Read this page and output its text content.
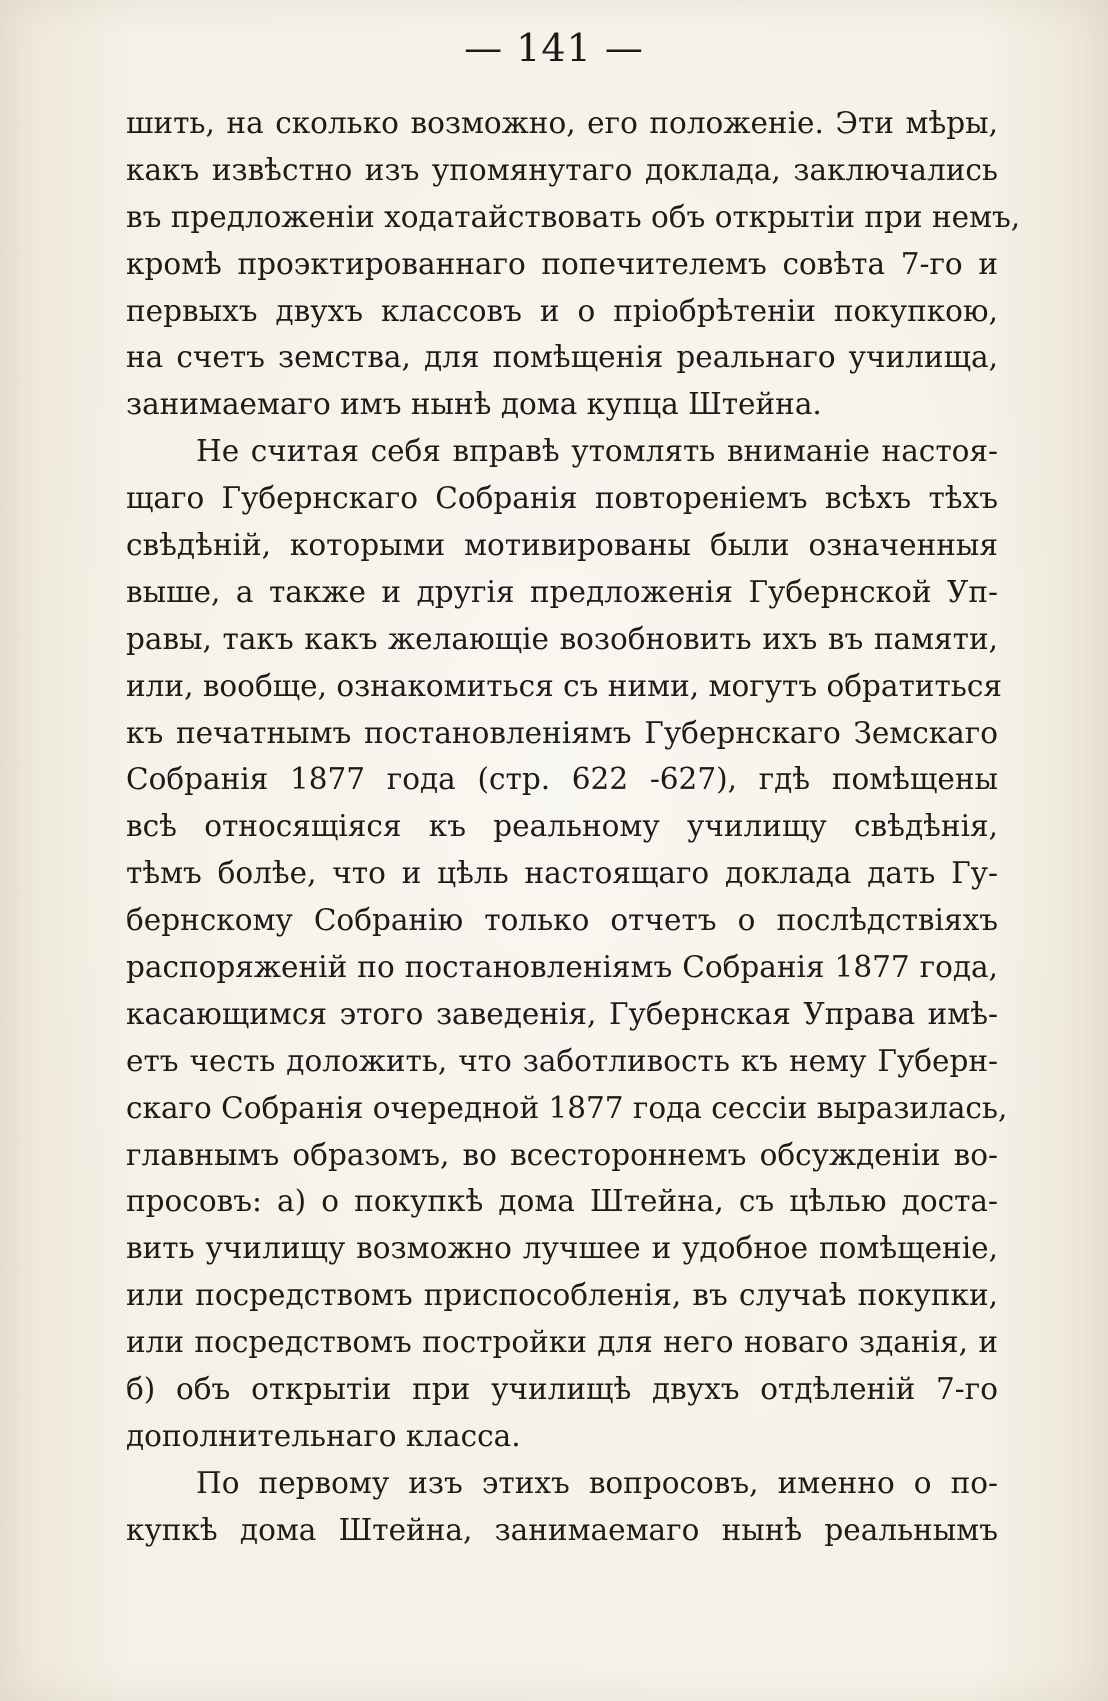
— 141 —
шить, на сколько возможно, его положеніе. Эти мѣры,
какъ извѣстно изъ упомянутаго доклада, заключались
въ предложеніи ходатайствовать объ открытіи при немъ,
кромѣ проэктированнаго попечителемъ совѣта 7-го и
первыхъ двухъ классовъ и о пріобрѣтеніи покупкою,
на счетъ земства, для помѣщенія реальнаго училища,
занимаемаго имъ нынѣ дома купца Штейна.
Не считая себя вправѣ утомлять вниманіе настоя-
щаго Губернскаго Собранія повтореніемъ всѣхъ тѣхъ
свѣдѣній, которыми мотивированы были означенныя
выше, а также и другія предложенія Губернской Уп-
равы, такъ какъ желающіе возобновить ихъ въ памяти,
или, вообще, ознакомиться съ ними, могутъ обратиться
къ печатнымъ постановленіямъ Губернскаго Земскаго
Собранія 1877 года (стр. 622 -627), гдѣ помѣщены
всѣ относящіяся къ реальному училищу свѣдѣнія,
тѣмъ болѣе, что и цѣль настоящаго доклада дать Гу-
бернскому Собранію только отчетъ о послѣдствіяхъ
распоряженій по постановленіямъ Собранія 1877 года,
касающимся этого заведенія, Губернская Управа имѣ-
етъ честь доложить, что заботливость къ нему Губерн-
скаго Собранія очередной 1877 года сессіи выразилась,
главнымъ образомъ, во всестороннемъ обсужденіи во-
просовъ: а) о покупкѣ дома Штейна, съ цѣлью доста-
вить училищу возможно лучшее и удобное помѣщеніе,
или посредствомъ приспособленія, въ случаѣ покупки,
или посредствомъ постройки для него новаго зданія, и
б) объ открытіи при училищѣ двухъ отдѣленій 7-го
дополнительнаго класса.
По первому изъ этихъ вопросовъ, именно о по-
купкѣ дома Штейна, занимаемаго нынѣ реальнымъ
